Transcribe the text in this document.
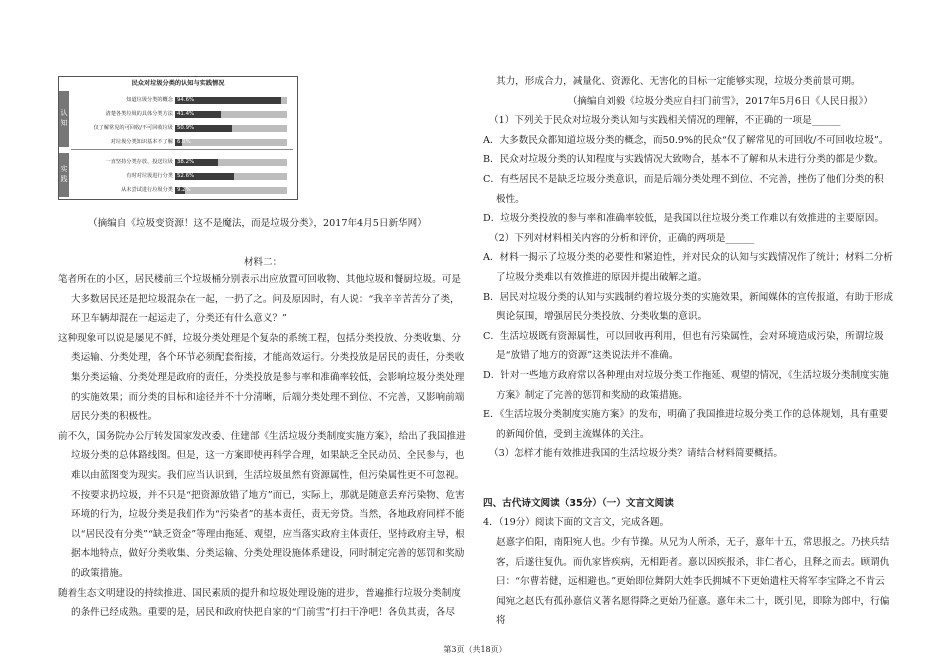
民众对垃圾分类的认知与实践情况
认知
实践
知道垃圾分类的概念 94.6%
清楚各类垃圾的具体分类方法 41.4%
仅了解常见的可回收/不可回收垃圾 50.9%
对垃圾分类知识基本不了解 6.0%
一直坚持分类存放、投送垃圾 38.2%
有时对垃圾进行分类 52.6%
从未尝试进行垃圾分类 9.2%
（摘编自《垃圾变资源！这不是魔法，而是垃圾分类》，2017年4月5日新华网）
材料二：

笔者所在的小区，居民楼前三个垃圾桶分别表示出应放置可回收物、其他垃圾和餐厨垃圾。可是大多数居民还是把垃圾混杂在一起，一扔了之。问及原因时，有人说：“我辛辛苦苦分了类，环卫车辆却混在一起运走了，分类还有什么意义？”

这种现象可以说是屡见不鲜，垃圾分类处理是个复杂的系统工程，包括分类投放、分类收集、分类运输、分类处理，各个环节必须配套衔接，才能高效运行。分类投放是居民的责任，分类收集分类运输、分类处理是政府的责任，分类投放是参与率和准确率较低，会影响垃圾分类处理的实施效果；而分类的目标和途径并不十分清晰，后端分类处理不到位、不完善，又影响前端居民分类的积极性。

前不久，国务院办公厅转发国家发改委、住建部《生活垃圾分类制度实施方案》，给出了我国推进垃圾分类的总体路线图。但是，这一方案即使再科学合理，如果缺乏全民动员、全民参与，也难以由蓝图变为现实。我们应当认识到，生活垃圾虽然有资源属性，但污染属性更不可忽视。不按要求扔垃圾，并不只是“把资源放错了地方”而已，实际上，那就是随意丢弃污染物、危害环境的行为，垃圾分类是我们作为“污染者”的基本责任，责无旁贷。当然，各地政府同样不能以“居民没有分类”“缺乏资金”等理由拖延、观望，应当落实政府主体责任，坚持政府主导，根据本地特点，做好分类收集、分类运输、分类处理设施体系建设，同时制定完善的惩罚和奖励的政策措施。

随着生态文明建设的持续推进、国民素质的提升和垃圾处理设施的进步，普遍推行垃圾分类制度的条件已经成熟。重要的是，居民和政府快把自家的“门前雪”打扫干净吧！各负其责，各尽

其力，形成合力，减量化、资源化、无害化的目标一定能够实现，垃圾分类前景可期。

（摘编自刘毅《垃圾分类应自扫门前雪》，2017年5月6日《人民日报》）

（1）下列关于民众对垃圾分类认知与实践相关情况的理解，不正确的一项是______

A．大多数民众都知道垃圾分类的概念，而50.9%的民众“仅了解常见的可回收/不可回收垃圾”。

B．民众对垃圾分类的认知程度与实践情况大致吻合，基本不了解和从未进行分类的都是少数。

C．有些居民不是缺乏垃圾分类意识，而是后端分类处理不到位、不完善，挫伤了他们分类的积极性。

D．垃圾分类投放的参与率和准确率较低，是我国以往垃圾分类工作难以有效推进的主要原因。

（2）下列对材料相关内容的分析和评价，正确的两项是______

A．材料一揭示了垃圾分类的必要性和紧迫性，并对民众的认知与实践情况作了统计；材料二分析了垃圾分类难以有效推进的原因并提出破解之道。

B．居民对垃圾分类的认知与实践制约着垃圾分类的实施效果，新闻媒体的宣传报道，有助于形成舆论氛围，增强居民分类投放、分类收集的意识。

C．生活垃圾既有资源属性，可以回收再利用，但也有污染属性，会对环境造成污染，所谓垃圾是“放错了地方的资源”这类说法并不准确。

D．针对一些地方政府常以各种理由对垃圾分类工作拖延、观望的情况，《生活垃圾分类制度实施方案》制定了完善的惩罚和奖励的政策措施。

E．《生活垃圾分类制度实施方案》的发布，明确了我国推进垃圾分类工作的总体规划，具有重要的新闻价值，受到主流媒体的关注。

（3）怎样才能有效推进我国的生活垃圾分类？请结合材料简要概括。

四、古代诗文阅读（35分）（一）文言文阅读

4．（19分）阅读下面的文言文，完成各题。

赵憙字伯阳，南阳宛人也。少有节操。从兄为人所杀，无子，憙年十五，常思报之。乃挟兵结客，后遂往复仇。而仇家皆疾病，无相距者。憙以因疾报杀，非仁者心，且释之而去。顾谓仇曰：“尔曹若健，远相避也。”更始即位舞阴大姓李氏拥城不下更始遣柱天将军李宝降之不肯云闻宛之赵氏有孤孙憙信义著名愿得降之更始乃征憙。憙年未二十，既引见，即除为郎中，行偏将

第3页（共18页）
